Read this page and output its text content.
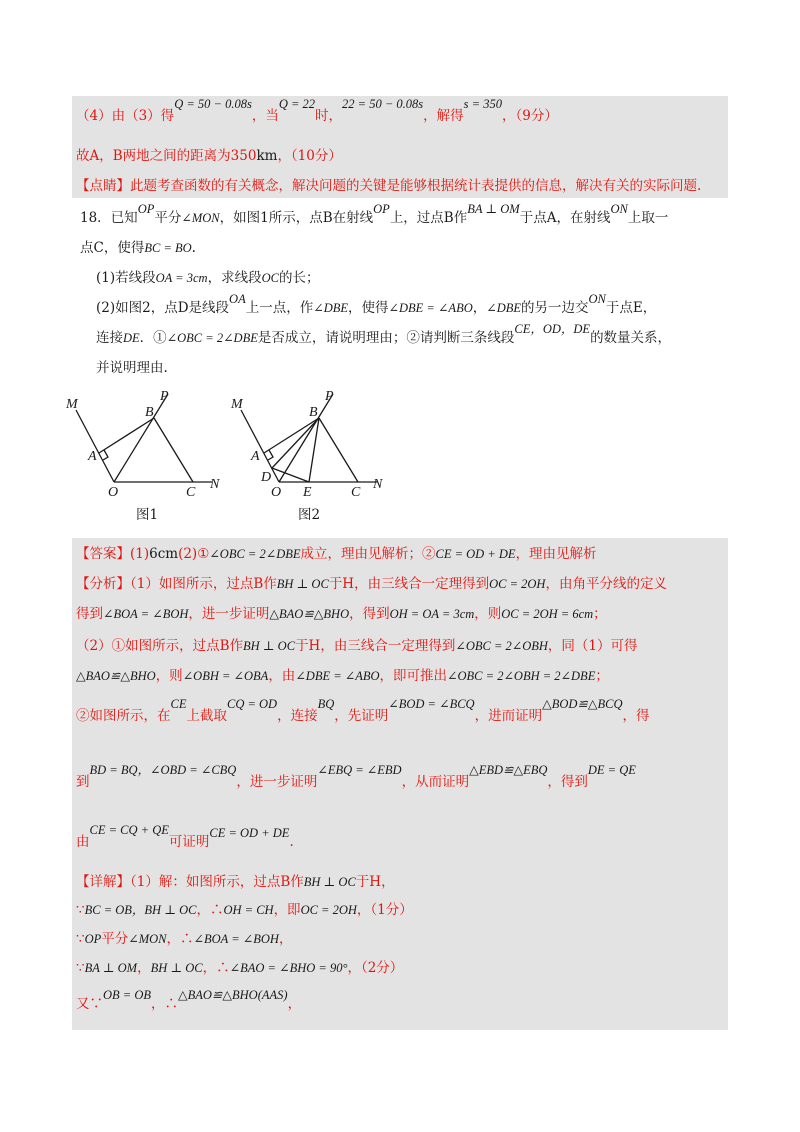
（4）由（3）得Q = 50 − 0.08s，当Q = 22时，22 = 50 − 0.08s，解得s = 350，（9分）
故A，B两地之间的距离为350km，（10分）
【点睛】此题考查函数的有关概念，解决问题的关键是能够根据统计表提供的信息，解决有关的实际问题.
18．已知OP平分∠MON，如图1所示，点B在射线OP上，过点B作BA ⊥ OM于点A，在射线ON上取一
点C，使得BC = BO.
(1)若线段OA = 3cm，求线段OC的长；
(2)如图2，点D是线段OA上一点，作∠DBE，使得∠DBE = ∠ABO，∠DBE的另一边交ON于点E，
连接DE．①∠OBC = 2∠DBE是否成立，请说明理由；②请判断三条线段CE，OD，DE的数量关系，
并说明理由.
M
P
B
A
O	C
N
图1
M
P
B
A
D
O E	C
N
图2
【答案】(1)6cm(2)①∠OBC = 2∠DBE成立，理由见解析；②CE = OD + DE，理由见解析
【分析】（1）如图所示，过点B作BH ⊥ OC于H，由三线合一定理得到OC = 2OH，由角平分线的定义
得到∠BOA = ∠BOH，进一步证明△BAO≌△BHO，得到OH = OA = 3cm，则OC = 2OH = 6cm；
（2）①如图所示，过点B作BH ⊥ OC于H，由三线合一定理得到∠OBC = 2∠OBH，同（1）可得
△BAO≌△BHO，则∠OBH = ∠OBA，由∠DBE = ∠ABO，即可推出∠OBC = 2∠OBH = 2∠DBE；
②如图所示，在CE上截取CQ = OD，连接BQ，先证明∠BOD = ∠BCQ，进而证明△BOD≌△BCQ，得
到BD = BQ，∠OBD = ∠CBQ，进一步证明∠EBQ = ∠EBD，从而证明△EBD≌△EBQ，得到DE = QE
由CE = CQ + QE可证明CE = OD + DE.
【详解】（1）解：如图所示，过点B作BH ⊥ OC于H，
∵BC = OB，BH ⊥ OC，∴OH = CH，即OC = 2OH，（1分）
∵OP平分∠MON，∴∠BOA = ∠BOH，
∵BA ⊥ OM，BH ⊥ OC，∴∠BAO = ∠BHO = 90°，（2分）
又∵OB = OB，∴△BAO≌△BHO(AAS)，
